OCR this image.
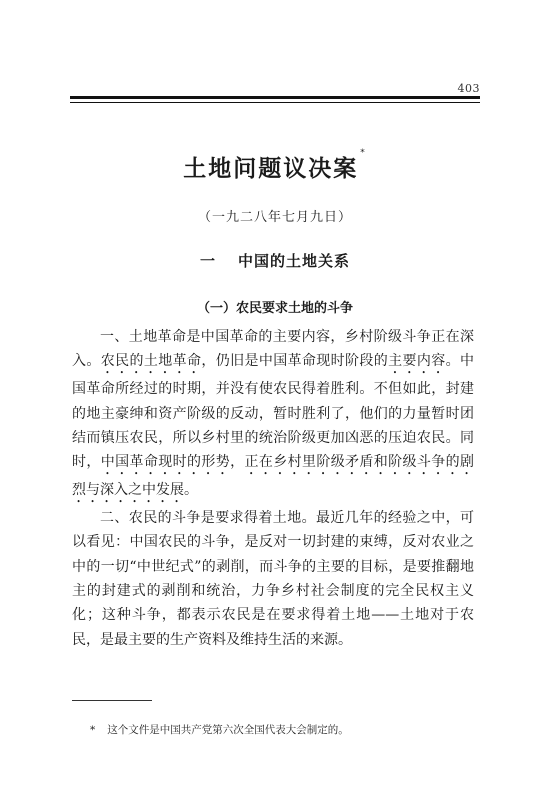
403
土地问题议决案*
（一九二八年七月九日）
一 中国的土地关系
（一）农民要求土地的斗争

一、土地革命是中国革命的主要内容，乡村阶级斗争正在深入。农民的土地革命，仍旧是中国革命现时阶段的主要内容。中国革命所经过的时期，并没有使农民得着胜利。不但如此，封建的地主豪绅和资产阶级的反动，暂时胜利了，他们的力量暂时团结而镇压农民，所以乡村里的统治阶级更加凶恶的压迫农民。同时，中国革命现时的形势，正在乡村里阶级矛盾和阶级斗争的剧烈与深入之中发展。

二、农民的斗争是要求得着土地。最近几年的经验之中，可以看见：中国农民的斗争，是反对一切封建的束缚，反对农业之中的一切“中世纪式”的剥削，而斗争的主要的目标，是要推翻地主的封建式的剥削和统治，力争乡村社会制度的完全民权主义化；这种斗争，都表示农民是在要求得着土地——土地对于农民，是最主要的生产资料及维持生活的来源。

* 这个文件是中国共产党第六次全国代表大会制定的。
